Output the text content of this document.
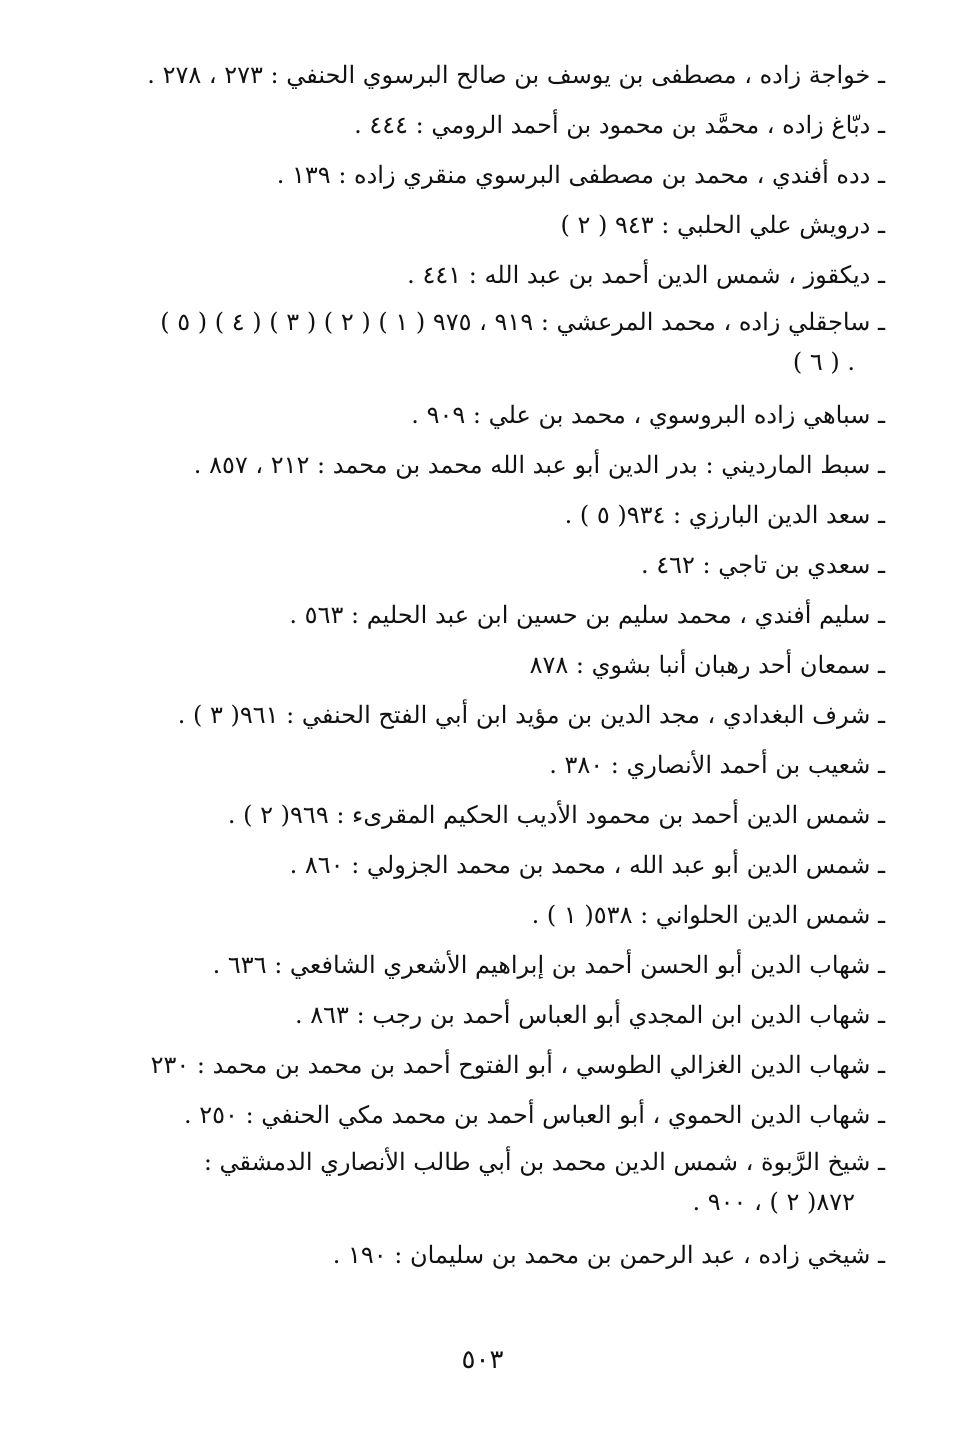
ـ خواجة زاده ، مصطفى بن يوسف بن صالح البرسوي الحنفي : ٢٧٣ ، ٢٧٨ .

ـ دبّاغ زاده ، محمَّد بن محمود بن أحمد الرومي : ٤٤٤ .

ـ دده أفندي ، محمد بن مصطفى البرسوي منقري زاده : ١٣٩ .

ـ درويش علي الحلبي : ٩٤٣ ( ٢ )

ـ ديكقوز ، شمس الدين أحمد بن عبد الله : ٤٤١ .

ـ ساجقلي زاده ، محمد المرعشي : ٩١٩ ، ٩٧٥ ( ١ ) ( ٢ ) ( ٣ ) ( ٤ ) ( ٥ )
. ( ٦ )

ـ سباهي زاده البروسوي ، محمد بن علي : ٩٠٩ .

ـ سبط الماردیني : بدر الدين أبو عبد الله محمد بن محمد : ٢١٢ ، ٨٥٧ .

ـ سعد الدين البارزي : ٩٣٤( ٥ ) .

ـ سعدي بن تاجي : ٤٦٢ .

ـ سليم أفندي ، محمد سليم بن حسين ابن عبد الحليم : ٥٦٣ .

ـ سمعان أحد رهبان أنبا بشوي : ٨٧٨

ـ شرف البغدادي ، مجد الدين بن مؤيد ابن أبي الفتح الحنفي : ٩٦١( ٣ ) .

ـ شعيب بن أحمد الأنصاري : ٣٨٠ .

ـ شمس الدين أحمد بن محمود الأديب الحكيم المقرىء : ٩٦٩( ٢ ) .

ـ شمس الدين أبو عبد الله ، محمد بن محمد الجزولي : ٨٦٠ .

ـ شمس الدين الحلواني : ٥٣٨( ١ ) .

ـ شهاب الدين أبو الحسن أحمد بن إبراهيم الأشعري الشافعي : ٦٣٦ .

ـ شهاب الدين ابن المجدي أبو العباس أحمد بن رجب : ٨٦٣ .

ـ شهاب الدين الغزالي الطوسي ، أبو الفتوح أحمد بن محمد بن محمد : ٢٣٠

ـ شهاب الدين الحموي ، أبو العباس أحمد بن محمد مكي الحنفي : ٢٥٠ .

ـ شيخ الرَّبوة ، شمس الدين محمد بن أبي طالب الأنصاري الدمشقي :
٨٧٢( ٢ ) ، ٩٠٠ .

ـ شيخي زاده ، عبد الرحمن بن محمد بن سليمان : ١٩٠ .

٥٠٣
